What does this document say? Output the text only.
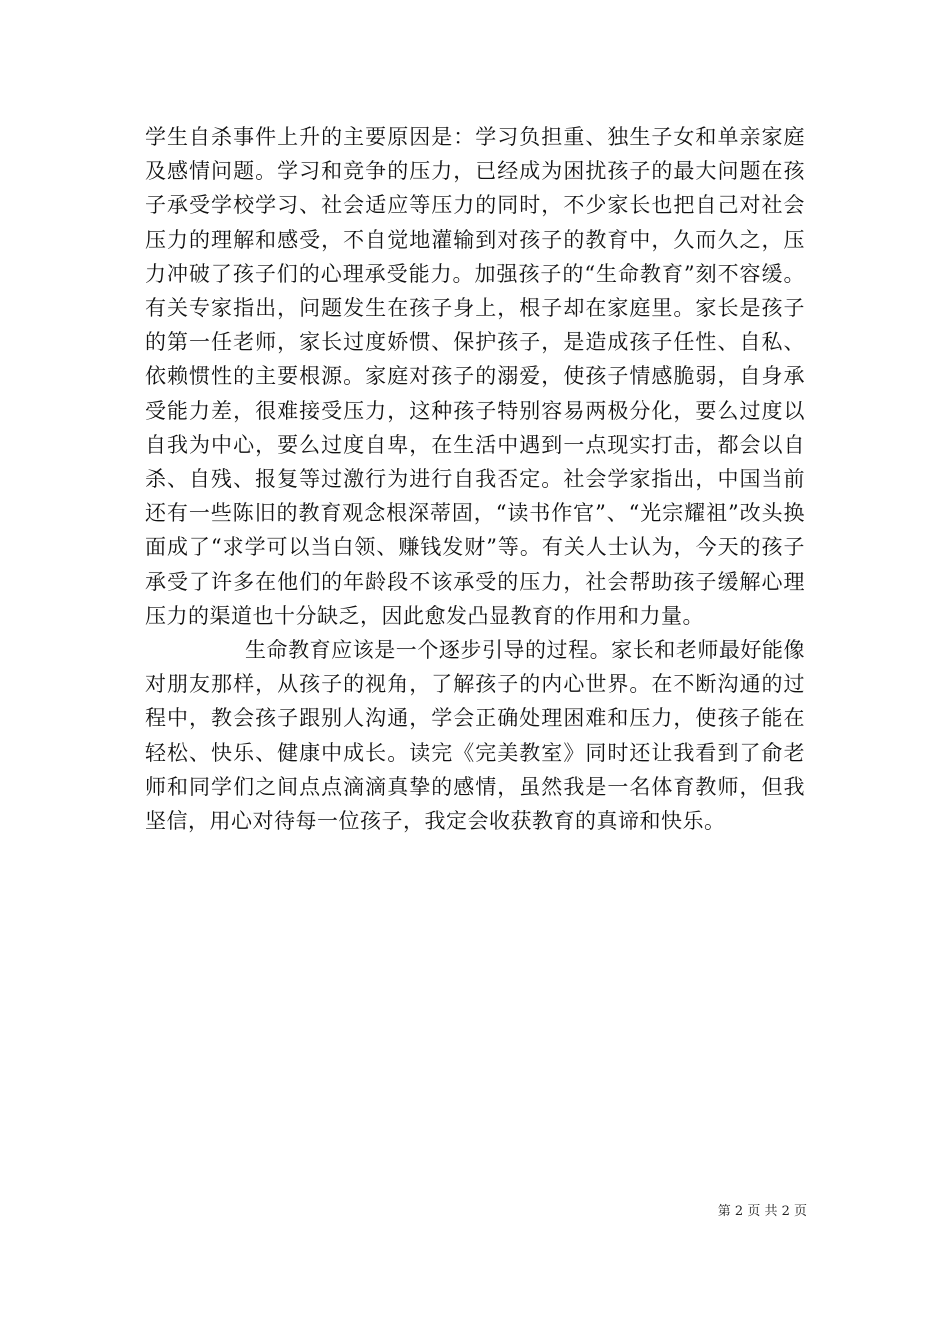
学生自杀事件上升的主要原因是：学习负担重、独生子女和单亲家庭及感情问题。学习和竞争的压力，已经成为困扰孩子的最大问题在孩子承受学校学习、社会适应等压力的同时，不少家长也把自己对社会压力的理解和感受，不自觉地灌输到对孩子的教育中，久而久之，压力冲破了孩子们的心理承受能力。加强孩子的“生命教育”刻不容缓。有关专家指出，问题发生在孩子身上，根子却在家庭里。家长是孩子的第一任老师，家长过度娇惯、保护孩子，是造成孩子任性、自私、依赖惯性的主要根源。家庭对孩子的溺爱，使孩子情感脆弱，自身承受能力差，很难接受压力，这种孩子特别容易两极分化，要么过度以自我为中心，要么过度自卑，在生活中遇到一点现实打击，都会以自杀、自残、报复等过激行为进行自我否定。社会学家指出，中国当前还有一些陈旧的教育观念根深蒂固，“读书作官”、“光宗耀祖”改头换面成了“求学可以当白领、赚钱发财”等。有关人士认为，今天的孩子承受了许多在他们的年龄段不该承受的压力，社会帮助孩子缓解心理压力的渠道也十分缺乏，因此愈发凸显教育的作用和力量。

生命教育应该是一个逐步引导的过程。家长和老师最好能像对朋友那样，从孩子的视角，了解孩子的内心世界。在不断沟通的过程中，教会孩子跟别人沟通，学会正确处理困难和压力，使孩子能在轻松、快乐、健康中成长。读完《完美教室》同时还让我看到了俞老师和同学们之间点点滴滴真挚的感情，虽然我是一名体育教师，但我坚信，用心对待每一位孩子，我定会收获教育的真谛和快乐。

第 2 页 共 2 页
